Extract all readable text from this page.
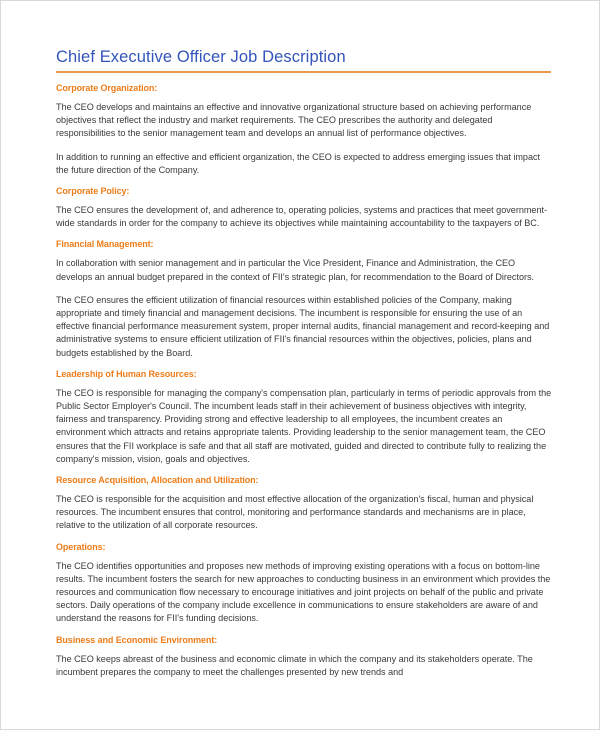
Chief Executive Officer Job Description
Corporate Organization:

The CEO develops and maintains an effective and innovative organizational structure based on achieving performance objectives that reflect the industry and market requirements. The CEO prescribes the authority and delegated responsibilities to the senior management team and develops an annual list of performance objectives.

In addition to running an effective and efficient organization, the CEO is expected to address emerging issues that impact the future direction of the Company.

Corporate Policy:

The CEO ensures the development of, and adherence to, operating policies, systems and practices that meet government-wide standards in order for the company to achieve its objectives while maintaining accountability to the taxpayers of BC.

Financial Management:

In collaboration with senior management and in particular the Vice President, Finance and Administration, the CEO develops an annual budget prepared in the context of FII's strategic plan, for recommendation to the Board of Directors.

The CEO ensures the efficient utilization of financial resources within established policies of the Company, making appropriate and timely financial and management decisions. The incumbent is responsible for ensuring the use of an effective financial performance measurement system, proper internal audits, financial management and record-keeping and administrative systems to ensure efficient utilization of FII's financial resources within the objectives, policies, plans and budgets established by the Board.

Leadership of Human Resources:

The CEO is responsible for managing the company's compensation plan, particularly in terms of periodic approvals from the Public Sector Employer's Council. The incumbent leads staff in their achievement of business objectives with integrity, fairness and transparency. Providing strong and effective leadership to all employees, the incumbent creates an environment which attracts and retains appropriate talents. Providing leadership to the senior management team, the CEO ensures that the FII workplace is safe and that all staff are motivated, guided and directed to contribute fully to realizing the company's mission, vision, goals and objectives.

Resource Acquisition, Allocation and Utilization:

The CEO is responsible for the acquisition and most effective allocation of the organization's fiscal, human and physical resources. The incumbent ensures that control, monitoring and performance standards and mechanisms are in place, relative to the utilization of all corporate resources.

Operations:

The CEO identifies opportunities and proposes new methods of improving existing operations with a focus on bottom-line results. The incumbent fosters the search for new approaches to conducting business in an environment which provides the resources and communication flow necessary to encourage initiatives and joint projects on behalf of the public and private sectors. Daily operations of the company include excellence in communications to ensure stakeholders are aware of and understand the reasons for FII's funding decisions.

Business and Economic Environment:

The CEO keeps abreast of the business and economic climate in which the company and its stakeholders operate. The incumbent prepares the company to meet the challenges presented by new trends and
